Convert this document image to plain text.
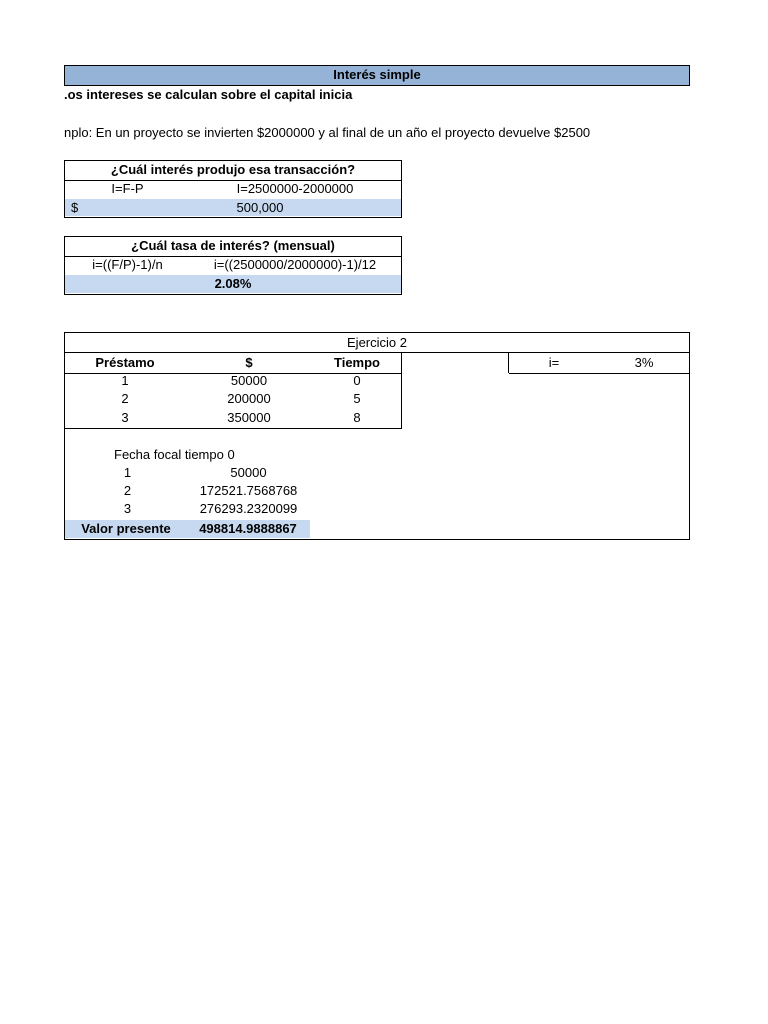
Interés simple
.os intereses se calculan sobre el capital inicia
nplo: En un proyecto se invierten $2000000 y al final de un año el proyecto devuelve $2500
¿Cuál interés produjo esa transacción?
I=F-P	I=2500000-2000000
$	500,000
¿Cuál tasa de interés? (mensual)
i=((F/P)-1)/n	i=((2500000/2000000)-1)/12
2.08%
Ejercicio 2
Préstamo	$	Tiempo	i=	3%
1	50000	0
2	200000	5
3	350000	8
Fecha focal tiempo 0
1	50000
2	172521.7568768
3	276293.2320099
Valor presente	498814.9888867
